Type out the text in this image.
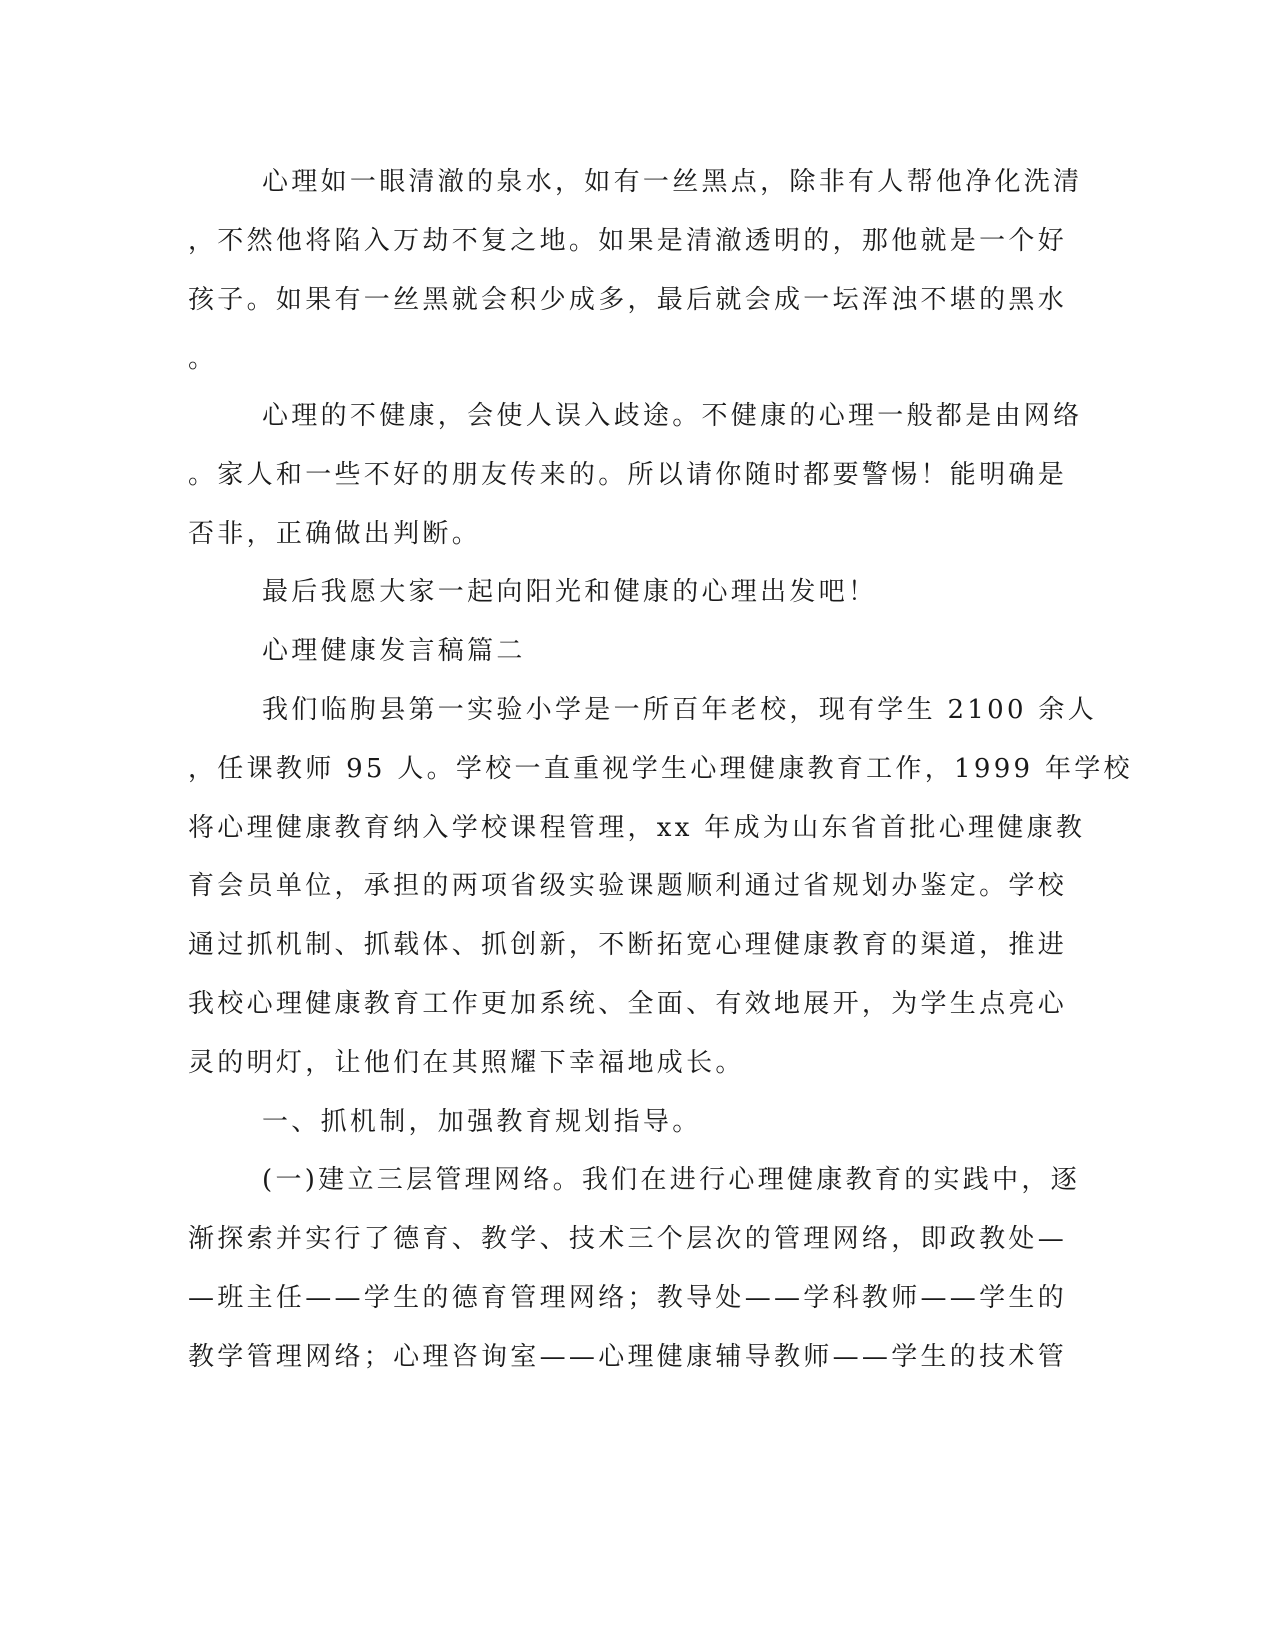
心理如一眼清澈的泉水，如有一丝黑点，除非有人帮他净化洗清
，不然他将陷入万劫不复之地。如果是清澈透明的，那他就是一个好
孩子。如果有一丝黑就会积少成多，最后就会成一坛浑浊不堪的黑水
。
心理的不健康，会使人误入歧途。不健康的心理一般都是由网络
。家人和一些不好的朋友传来的。所以请你随时都要警惕！能明确是
否非，正确做出判断。
最后我愿大家一起向阳光和健康的心理出发吧！
心理健康发言稿篇二
我们临朐县第一实验小学是一所百年老校，现有学生 2100 余人
，任课教师 95 人。学校一直重视学生心理健康教育工作，1999 年学校
将心理健康教育纳入学校课程管理，xx 年成为山东省首批心理健康教
育会员单位，承担的两项省级实验课题顺利通过省规划办鉴定。学校
通过抓机制、抓载体、抓创新，不断拓宽心理健康教育的渠道，推进
我校心理健康教育工作更加系统、全面、有效地展开，为学生点亮心
灵的明灯，让他们在其照耀下幸福地成长。
一、抓机制，加强教育规划指导。
(一)建立三层管理网络。我们在进行心理健康教育的实践中，逐
渐探索并实行了德育、教学、技术三个层次的管理网络，即政教处—
—班主任——学生的德育管理网络；教导处——学科教师——学生的
教学管理网络；心理咨询室——心理健康辅导教师——学生的技术管
